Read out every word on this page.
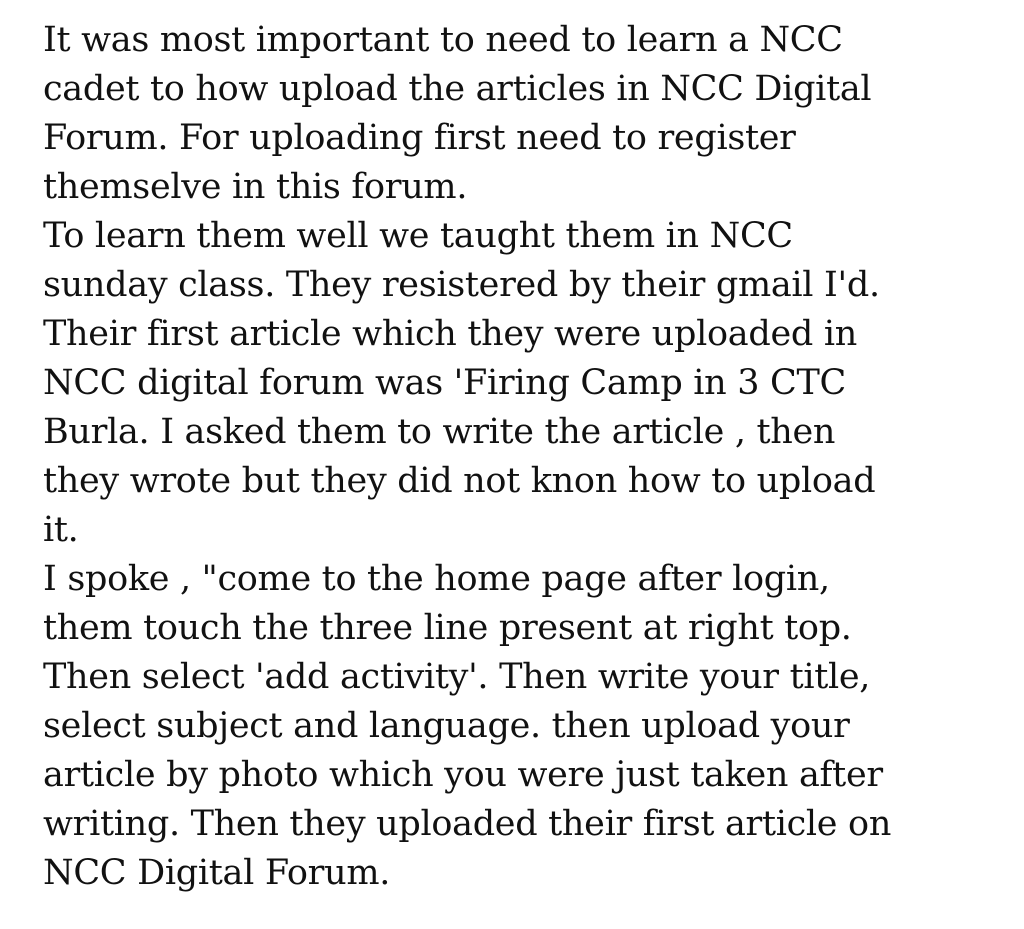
It was most important to need to learn a NCC
cadet to how upload the articles in NCC Digital
Forum. For uploading first need to register
themselve in this forum.
To learn them well we taught them in NCC
sunday class. They resistered by their gmail I'd.
Their first article which they were uploaded in
NCC digital forum was 'Firing Camp in 3 CTC
Burla. I asked them to write the article , then
they wrote but they did not knon how to upload
it.
I spoke , "come to the home page after login,
them touch the three line present at right top.
Then select 'add activity'. Then write your title,
select subject and language. then upload your
article by photo which you were just taken after
writing. Then they uploaded their first article on
NCC Digital Forum.
